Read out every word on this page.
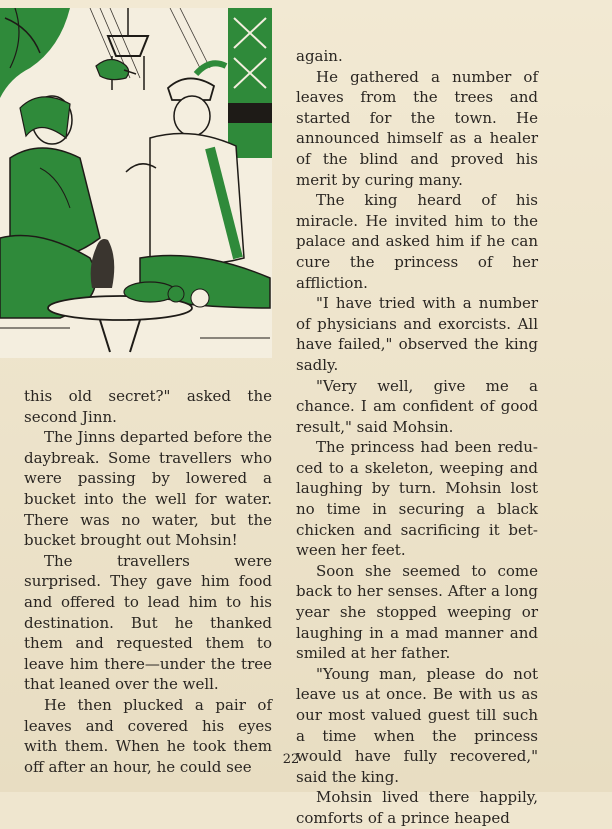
this old secret?" asked the second Jinn.

The Jinns departed before the daybreak. Some travellers who were passing by lowered a bucket into the well for water. There was no water, but the bucket brought out Mohsin!

The travellers were surprised. They gave him food and offered to lead him to his destination. But he thanked them and requested them to leave him there—under the tree that leaned over the well.

He then plucked a pair of leaves and covered his eyes with them. When he took them off after an hour, he could see

again.

He gathered a number of leaves from the trees and started for the town. He announced himself as a healer of the blind and proved his merit by curing many.

The king heard of his miracle. He invited him to the palace and asked him if he can cure the princess of her affliction.

"I have tried with a number of physicians and exorcists. All have failed," observed the king sadly.

"Very well, give me a chance. I am confident of good result," said Mohsin.

The princess had been redu-ced to a skeleton, weeping and laughing by turn. Mohsin lost no time in securing a black chicken and sacrificing it bet-ween her feet.

Soon she seemed to come back to her senses. After a long year she stopped weeping or laughing in a mad manner and smiled at her father.

"Young man, please do not leave us at once. Be with us as our most valued guest till such a time when the princess would have fully recovered," said the king.

Mohsin lived there happily, comforts of a prince heaped

22
